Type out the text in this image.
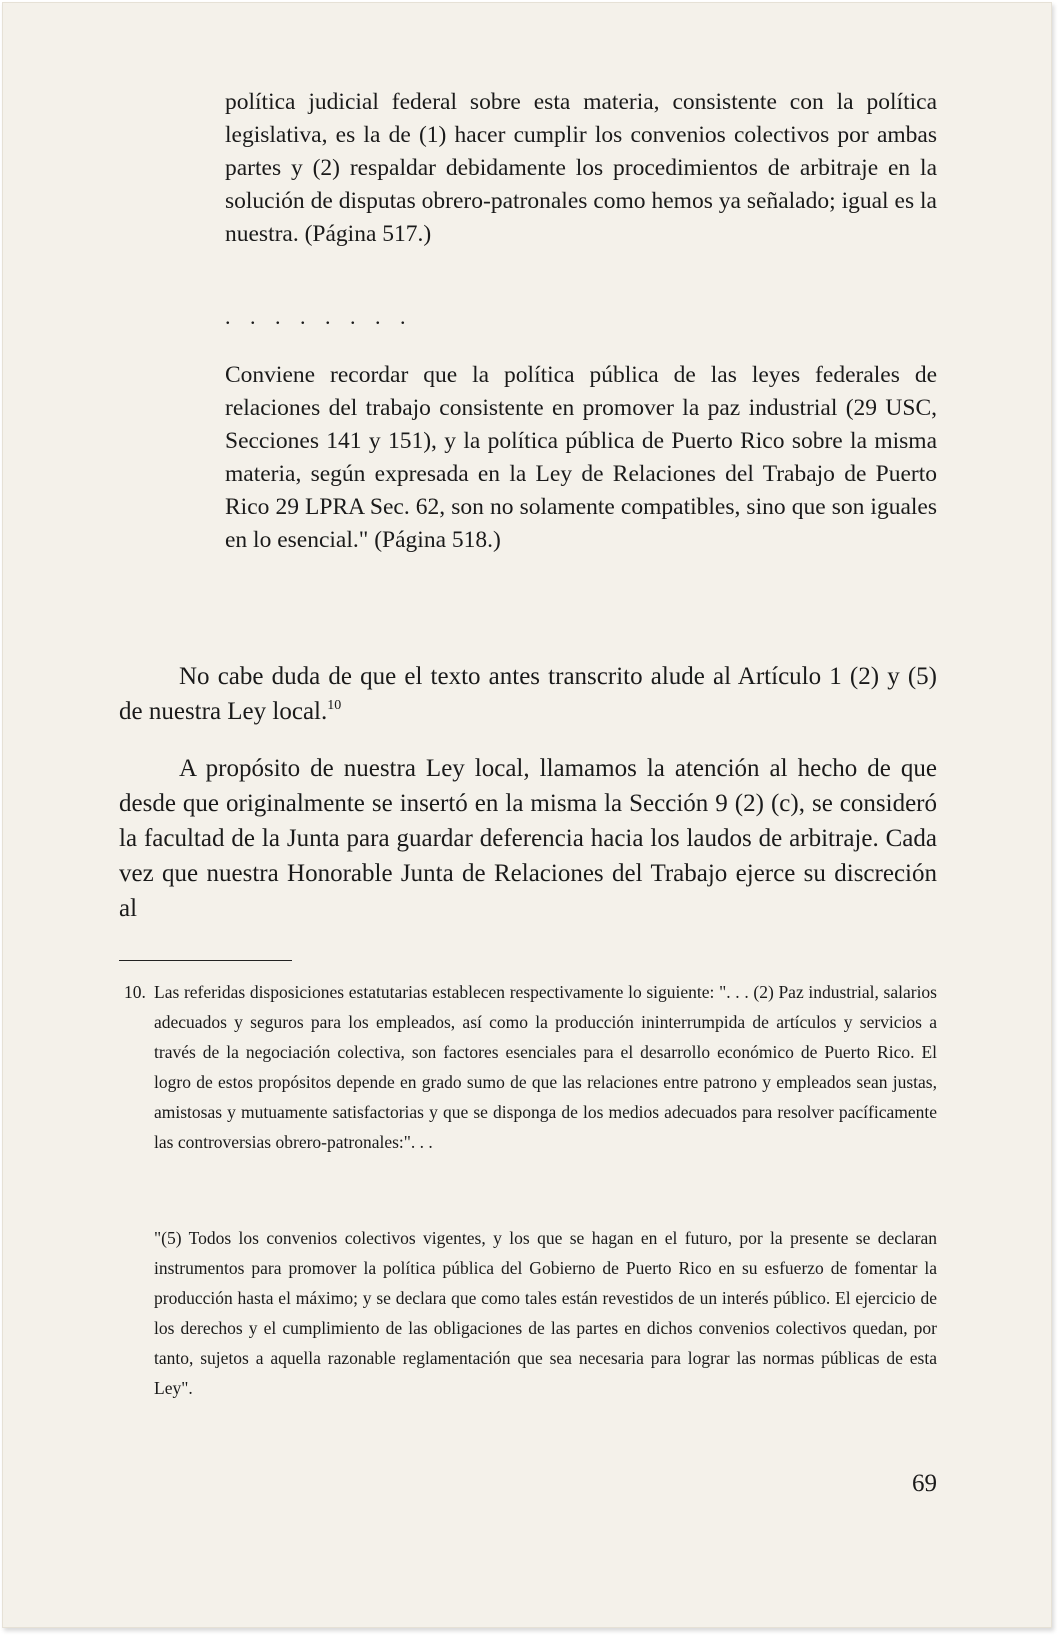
política judicial federal sobre esta materia, consistente con la política legislativa, es la de (1) hacer cumplir los convenios colectivos por ambas partes y (2) respaldar debidamente los procedimientos de arbitraje en la solución de disputas obrero-patronales como hemos ya señalado; igual es la nuestra. (Página 517.)

. . . . . . . .

Conviene recordar que la política pública de las leyes federales de relaciones del trabajo consistente en promover la paz industrial (29 USC, Secciones 141 y 151), y la política pública de Puerto Rico sobre la misma materia, según expresada en la Ley de Relaciones del Trabajo de Puerto Rico 29 LPRA Sec. 62, son no solamente compatibles, sino que son iguales en lo esencial." (Página 518.)

No cabe duda de que el texto antes transcrito alude al Artículo 1 (2) y (5) de nuestra Ley local.$^{10}$

A propósito de nuestra Ley local, llamamos la atención al hecho de que desde que originalmente se insertó en la misma la Sección 9 (2) (c), se consideró la facultad de la Junta para guardar deferencia hacia los laudos de arbitraje. Cada vez que nuestra Honorable Junta de Relaciones del Trabajo ejerce su discreción al

10. Las referidas disposiciones estatutarias establecen respectivamente lo siguiente: ". . . (2) Paz industrial, salarios adecuados y seguros para los empleados, así como la producción ininterrumpida de artículos y servicios a través de la negociación colectiva, son factores esenciales para el desarrollo económico de Puerto Rico. El logro de estos propósitos depende en grado sumo de que las relaciones entre patrono y empleados sean justas, amistosas y mutuamente satisfactorias y que se disponga de los medios adecuados para resolver pacíficamente las controversias obrero-patronales:". . .
"(5) Todos los convenios colectivos vigentes, y los que se hagan en el futuro, por la presente se declaran instrumentos para promover la política pública del Gobierno de Puerto Rico en su esfuerzo de fomentar la producción hasta el máximo; y se declara que como tales están revestidos de un interés público. El ejercicio de los derechos y el cumplimiento de las obligaciones de las partes en dichos convenios colectivos quedan, por tanto, sujetos a aquella razonable reglamentación que sea necesaria para lograr las normas públicas de esta Ley".
69
